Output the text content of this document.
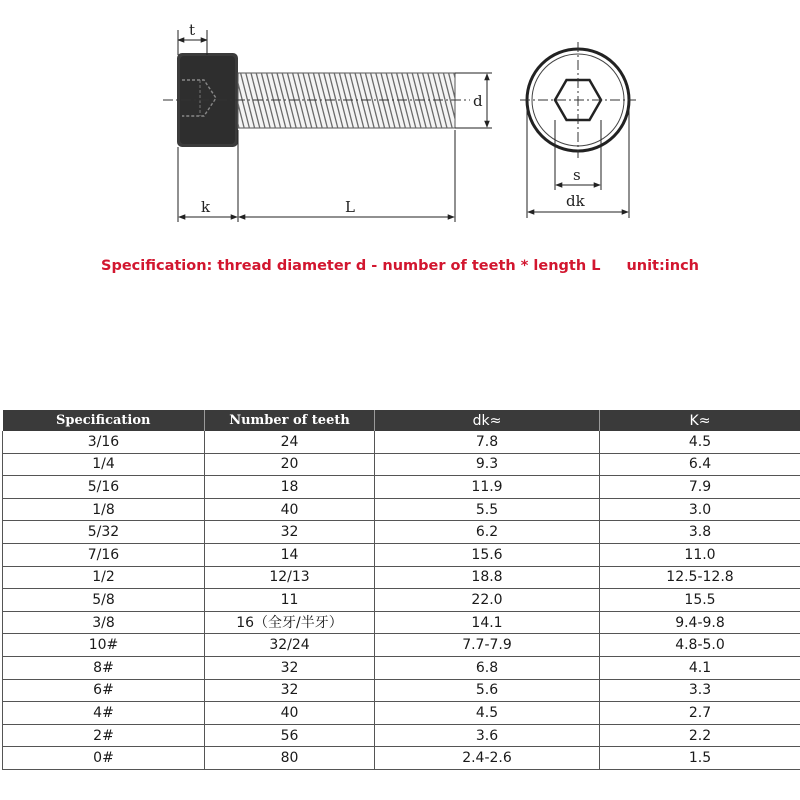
t
d
k	L
s
dk
Specification: thread diameter d - number of teeth * length L unit:inch
Specification	Number of teeth	dk≈	K≈
3/16	24	7.8	4.5
1/4	20	9.3	6.4
5/16	18	11.9	7.9
1/8	40	5.5	3.0
5/32	32	6.2	3.8
7/16	14	15.6	11.0
1/2	12/13	18.8	12.5-12.8
5/8	11	22.0	15.5
3/8	16（全牙/半牙）	14.1	9.4-9.8
10#	32/24	7.7-7.9	4.8-5.0
8#	32	6.8	4.1
6#	32	5.6	3.3
4#	40	4.5	2.7
2#	56	3.6	2.2
0#	80	2.4-2.6	1.5
